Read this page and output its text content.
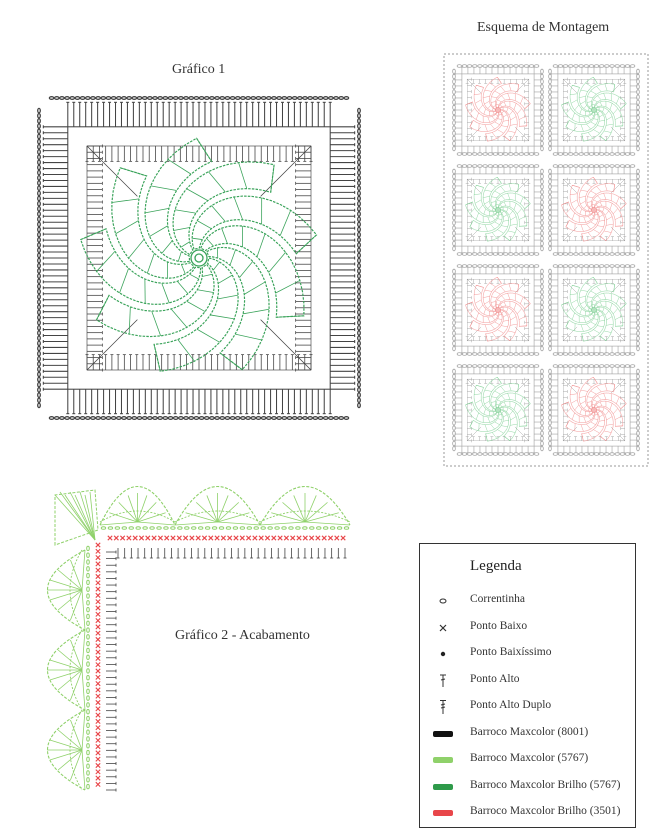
Gráfico 1
Esquema de Montagem
Gráfico 2 - Acabamento
Legenda
Correntinha
Ponto Baixo
Ponto Baixíssimo
Ponto Alto
Ponto Alto Duplo
Barroco Maxcolor (8001)
Barroco Maxcolor (5767)
Barroco Maxcolor Brilho (5767)
Barroco Maxcolor Brilho (3501)
